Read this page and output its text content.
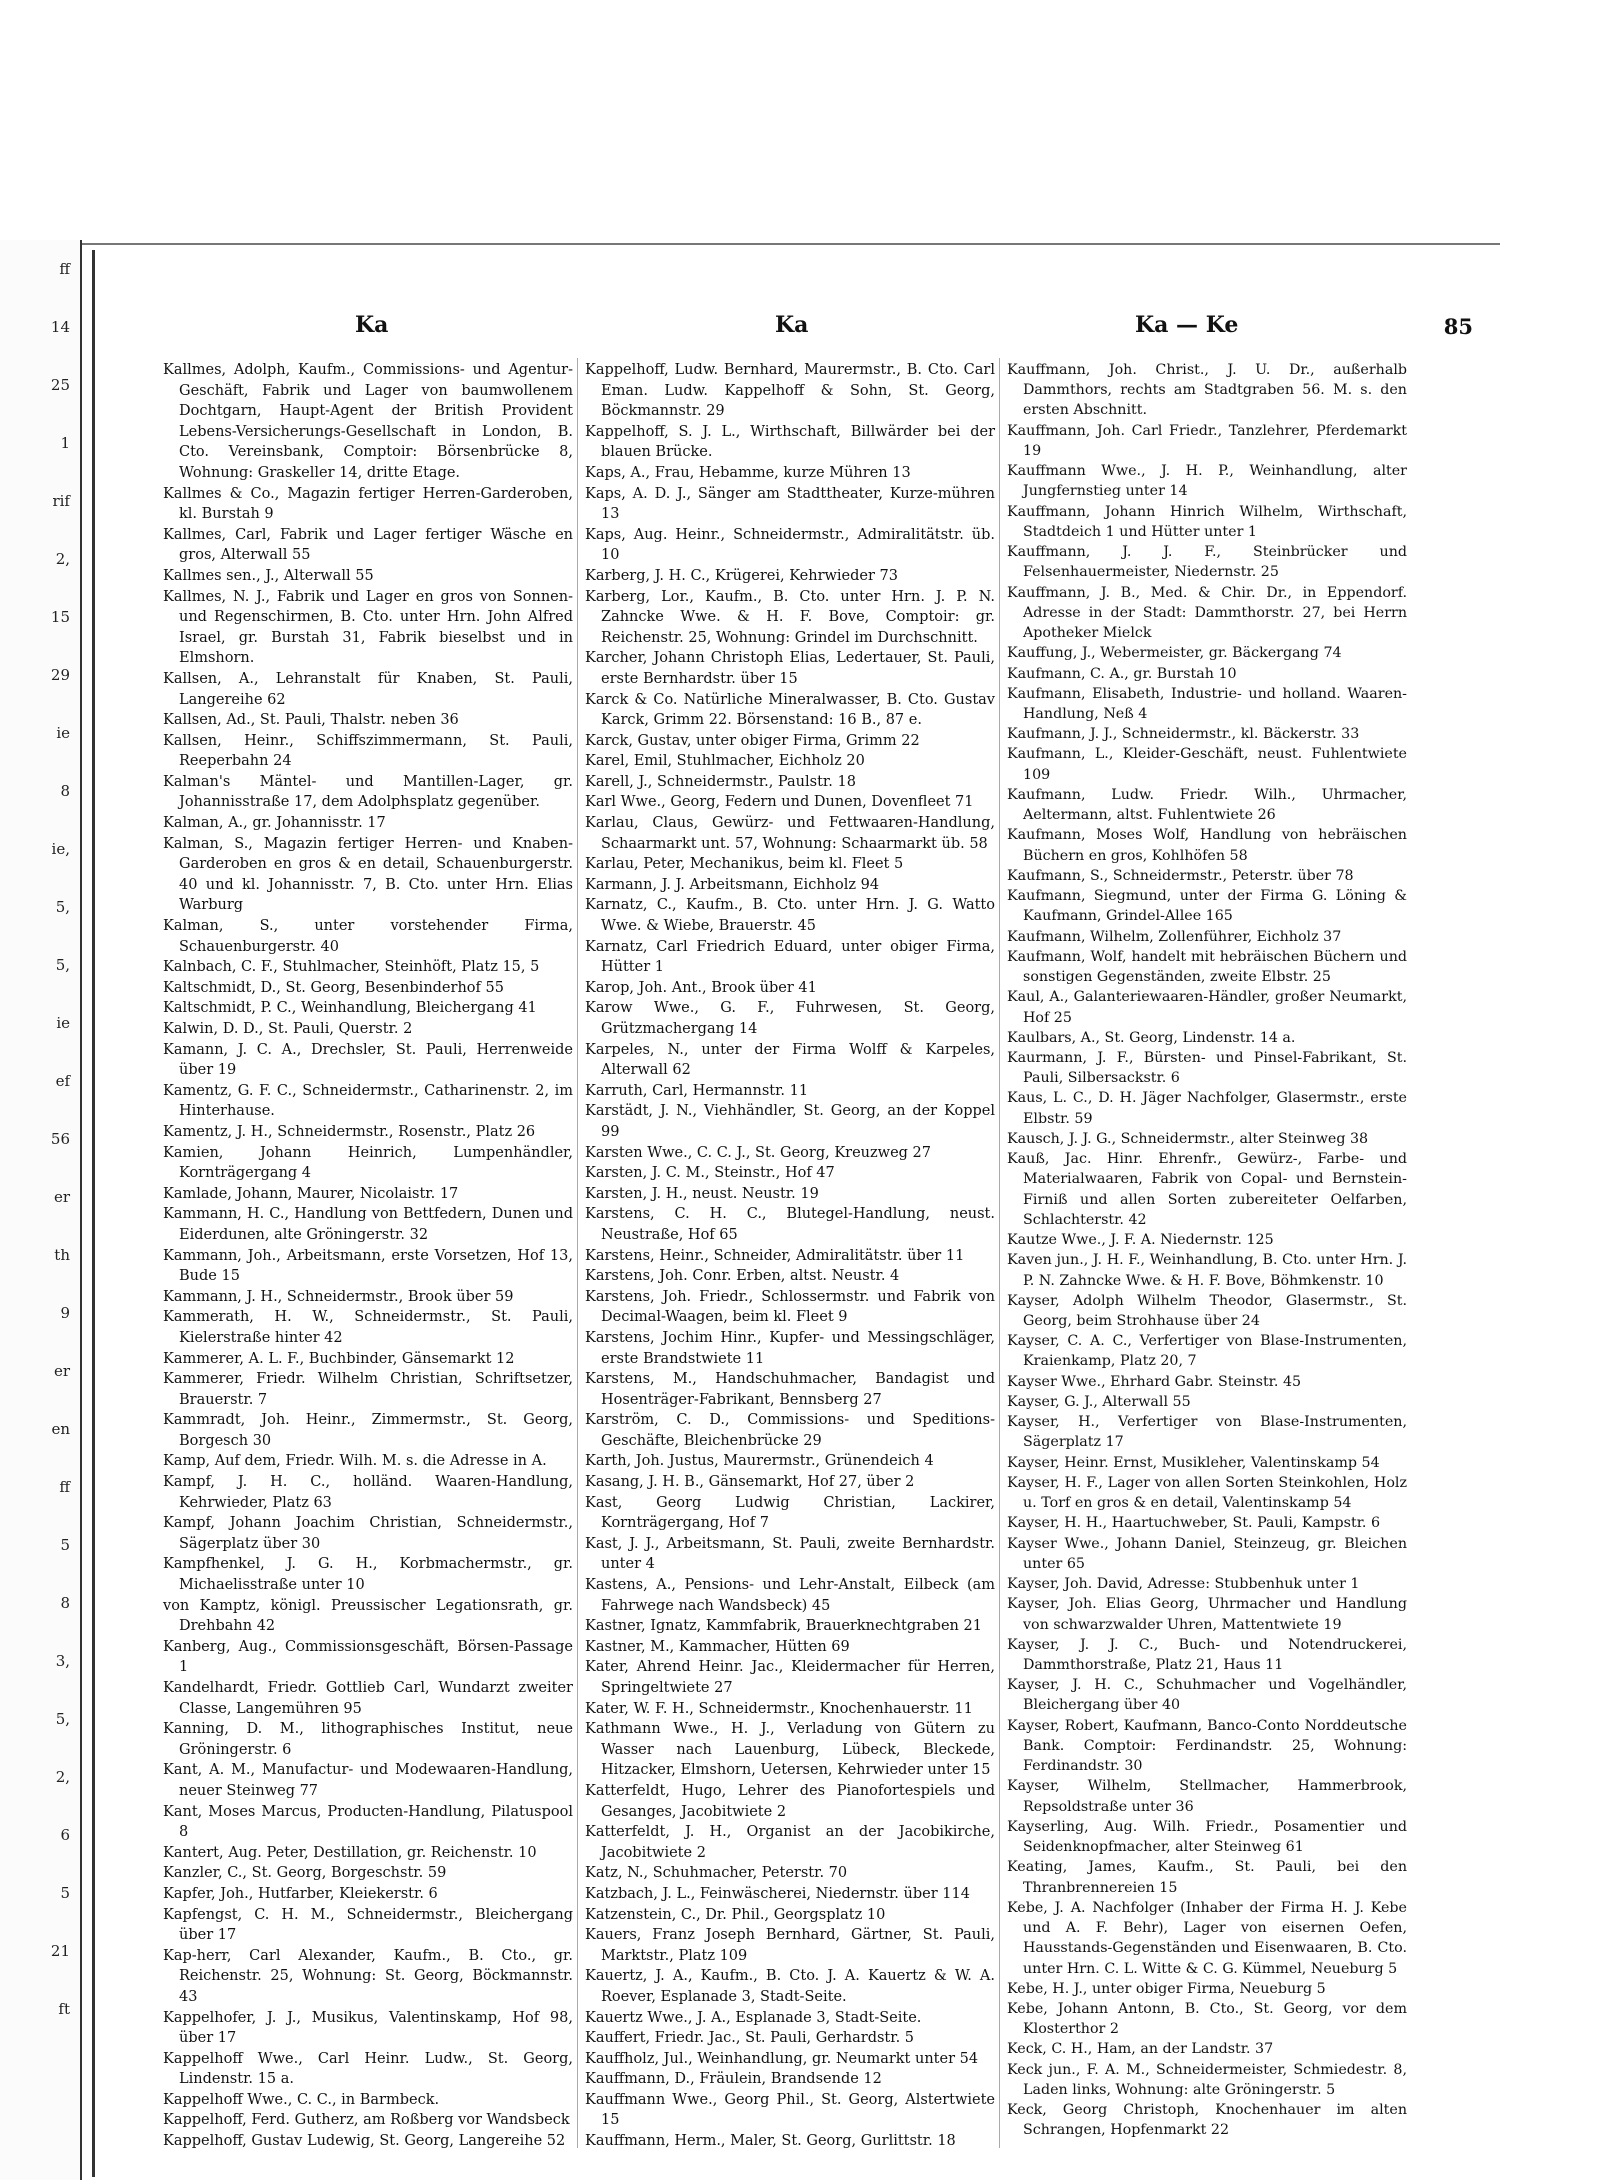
ff
14
25
1
rif
2,
15
29
ie
8
ie,
5,
5,
ie
ef
56
er
th
9
er
en
ff
5
8
3,
5,
2,
6
5
21
ft
Ka	Ka	Ka — Ke	85

Kallmes, Adolph, Kaufm., Commissions- und Agentur-Geschäft, Fabrik und Lager von baumwollenem Dochtgarn, Haupt-Agent der British Provident Lebens-Versicherungs-Gesellschaft in London, B. Cto. Vereinsbank, Comptoir: Börsenbrücke 8, Wohnung: Graskeller 14, dritte Etage.

Kallmes & Co., Magazin fertiger Herren-Garderoben, kl. Burstah 9

Kallmes, Carl, Fabrik und Lager fertiger Wäsche en gros, Alterwall 55

Kallmes sen., J., Alterwall 55

Kallmes, N. J., Fabrik und Lager en gros von Sonnen- und Regenschirmen, B. Cto. unter Hrn. John Alfred Israel, gr. Burstah 31, Fabrik bieselbst und in Elmshorn.

Kallsen, A., Lehranstalt für Knaben, St. Pauli, Langereihe 62

Kallsen, Ad., St. Pauli, Thalstr. neben 36

Kallsen, Heinr., Schiffszimmermann, St. Pauli, Reeperbahn 24

Kalman's Mäntel- und Mantillen-Lager, gr. Johannisstraße 17, dem Adolphsplatz gegenüber.

Kalman, A., gr. Johannisstr. 17

Kalman, S., Magazin fertiger Herren- und Knaben-Garderoben en gros & en detail, Schauenburgerstr. 40 und kl. Johannisstr. 7, B. Cto. unter Hrn. Elias Warburg

Kalman, S., unter vorstehender Firma, Schauenburgerstr. 40

Kalnbach, C. F., Stuhlmacher, Steinhöft, Platz 15, 5

Kaltschmidt, D., St. Georg, Besenbinderhof 55

Kaltschmidt, P. C., Weinhandlung, Bleichergang 41

Kalwin, D. D., St. Pauli, Querstr. 2

Kamann, J. C. A., Drechsler, St. Pauli, Herrenweide über 19

Kamentz, G. F. C., Schneidermstr., Catharinenstr. 2, im Hinterhause.

Kamentz, J. H., Schneidermstr., Rosenstr., Platz 26

Kamien, Johann Heinrich, Lumpenhändler, Kornträgergang 4

Kamlade, Johann, Maurer, Nicolaistr. 17

Kammann, H. C., Handlung von Bettfedern, Dunen und Eiderdunen, alte Gröningerstr. 32

Kammann, Joh., Arbeitsmann, erste Vorsetzen, Hof 13, Bude 15

Kammann, J. H., Schneidermstr., Brook über 59

Kammerath, H. W., Schneidermstr., St. Pauli, Kielerstraße hinter 42

Kammerer, A. L. F., Buchbinder, Gänsemarkt 12

Kammerer, Friedr. Wilhelm Christian, Schriftsetzer, Brauerstr. 7

Kammradt, Joh. Heinr., Zimmermstr., St. Georg, Borgesch 30

Kamp, Auf dem, Friedr. Wilh. M. s. die Adresse in A.

Kampf, J. H. C., holländ. Waaren-Handlung, Kehrwieder, Platz 63

Kampf, Johann Joachim Christian, Schneidermstr., Sägerplatz über 30

Kampfhenkel, J. G. H., Korbmachermstr., gr. Michaelisstraße unter 10

von Kamptz, königl. Preussischer Legationsrath, gr. Drehbahn 42

Kanberg, Aug., Commissionsgeschäft, Börsen-Passage 1

Kandelhardt, Friedr. Gottlieb Carl, Wundarzt zweiter Classe, Langemühren 95

Kanning, D. M., lithographisches Institut, neue Gröningerstr. 6

Kant, A. M., Manufactur- und Modewaaren-Handlung, neuer Steinweg 77

Kant, Moses Marcus, Producten-Handlung, Pilatuspool 8

Kantert, Aug. Peter, Destillation, gr. Reichenstr. 10

Kanzler, C., St. Georg, Borgeschstr. 59

Kapfer, Joh., Hutfarber, Kleiekerstr. 6

Kapfengst, C. H. M., Schneidermstr., Bleichergang über 17

Kap-herr, Carl Alexander, Kaufm., B. Cto., gr. Reichenstr. 25, Wohnung: St. Georg, Böckmannstr. 43

Kappelhofer, J. J., Musikus, Valentinskamp, Hof 98, über 17

Kappelhoff Wwe., Carl Heinr. Ludw., St. Georg, Lindenstr. 15 a.

Kappelhoff Wwe., C. C., in Barmbeck.

Kappelhoff, Ferd. Gutherz, am Roßberg vor Wandsbeck

Kappelhoff, Gustav Ludewig, St. Georg, Langereihe 52

Kappelhoff, Ludw. Bernhard, Maurermstr., B. Cto. Carl Eman. Ludw. Kappelhoff & Sohn, St. Georg, Böckmannstr. 29

Kappelhoff, S. J. L., Wirthschaft, Billwärder bei der blauen Brücke.

Kaps, A., Frau, Hebamme, kurze Mühren 13

Kaps, A. D. J., Sänger am Stadttheater, Kurze-mühren 13

Kaps, Aug. Heinr., Schneidermstr., Admiralitätstr. üb. 10

Karberg, J. H. C., Krügerei, Kehrwieder 73

Karberg, Lor., Kaufm., B. Cto. unter Hrn. J. P. N. Zahncke Wwe. & H. F. Bove, Comptoir: gr. Reichenstr. 25, Wohnung: Grindel im Durchschnitt.

Karcher, Johann Christoph Elias, Ledertauer, St. Pauli, erste Bernhardstr. über 15

Karck & Co. Natürliche Mineralwasser, B. Cto. Gustav Karck, Grimm 22. Börsenstand: 16 B., 87 e.

Karck, Gustav, unter obiger Firma, Grimm 22

Karel, Emil, Stuhlmacher, Eichholz 20

Karell, J., Schneidermstr., Paulstr. 18

Karl Wwe., Georg, Federn und Dunen, Dovenfleet 71

Karlau, Claus, Gewürz- und Fettwaaren-Handlung, Schaarmarkt unt. 57, Wohnung: Schaarmarkt üb. 58

Karlau, Peter, Mechanikus, beim kl. Fleet 5

Karmann, J. J. Arbeitsmann, Eichholz 94

Karnatz, C., Kaufm., B. Cto. unter Hrn. J. G. Watto Wwe. & Wiebe, Brauerstr. 45

Karnatz, Carl Friedrich Eduard, unter obiger Firma, Hütter 1

Karop, Joh. Ant., Brook über 41

Karow Wwe., G. F., Fuhrwesen, St. Georg, Grützmachergang 14

Karpeles, N., unter der Firma Wolff & Karpeles, Alterwall 62

Karruth, Carl, Hermannstr. 11

Karstädt, J. N., Viehhändler, St. Georg, an der Koppel 99

Karsten Wwe., C. C. J., St. Georg, Kreuzweg 27

Karsten, J. C. M., Steinstr., Hof 47

Karsten, J. H., neust. Neustr. 19

Karstens, C. H. C., Blutegel-Handlung, neust. Neustraße, Hof 65

Karstens, Heinr., Schneider, Admiralitätstr. über 11

Karstens, Joh. Conr. Erben, altst. Neustr. 4

Karstens, Joh. Friedr., Schlossermstr. und Fabrik von Decimal-Waagen, beim kl. Fleet 9

Karstens, Jochim Hinr., Kupfer- und Messingschläger, erste Brandstwiete 11

Karstens, M., Handschuhmacher, Bandagist und Hosenträger-Fabrikant, Bennsberg 27

Karström, C. D., Commissions- und Speditions-Geschäfte, Bleichenbrücke 29

Karth, Joh. Justus, Maurermstr., Grünendeich 4

Kasang, J. H. B., Gänsemarkt, Hof 27, über 2

Kast, Georg Ludwig Christian, Lackirer, Kornträgergang, Hof 7

Kast, J. J., Arbeitsmann, St. Pauli, zweite Bernhardstr. unter 4

Kastens, A., Pensions- und Lehr-Anstalt, Eilbeck (am Fahrwege nach Wandsbeck) 45

Kastner, Ignatz, Kammfabrik, Brauerknechtgraben 21

Kastner, M., Kammacher, Hütten 69

Kater, Ahrend Heinr. Jac., Kleidermacher für Herren, Springeltwiete 27

Kater, W. F. H., Schneidermstr., Knochenhauerstr. 11

Kathmann Wwe., H. J., Verladung von Gütern zu Wasser nach Lauenburg, Lübeck, Bleckede, Hitzacker, Elmshorn, Uetersen, Kehrwieder unter 15

Katterfeldt, Hugo, Lehrer des Pianofortespiels und Gesanges, Jacobitwiete 2

Katterfeldt, J. H., Organist an der Jacobikirche, Jacobitwiete 2

Katz, N., Schuhmacher, Peterstr. 70

Katzbach, J. L., Feinwäscherei, Niedernstr. über 114

Katzenstein, C., Dr. Phil., Georgsplatz 10

Kauers, Franz Joseph Bernhard, Gärtner, St. Pauli, Marktstr., Platz 109

Kauertz, J. A., Kaufm., B. Cto. J. A. Kauertz & W. A. Roever, Esplanade 3, Stadt-Seite.

Kauertz Wwe., J. A., Esplanade 3, Stadt-Seite.

Kauffert, Friedr. Jac., St. Pauli, Gerhardstr. 5

Kauffholz, Jul., Weinhandlung, gr. Neumarkt unter 54

Kauffmann, D., Fräulein, Brandsende 12

Kauffmann Wwe., Georg Phil., St. Georg, Alstertwiete 15

Kauffmann, Herm., Maler, St. Georg, Gurlittstr. 18

Kauffmann, Joh. Christ., J. U. Dr., außerhalb Dammthors, rechts am Stadtgraben 56. M. s. den ersten Abschnitt.

Kauffmann, Joh. Carl Friedr., Tanzlehrer, Pferdemarkt 19

Kauffmann Wwe., J. H. P., Weinhandlung, alter Jungfernstieg unter 14

Kauffmann, Johann Hinrich Wilhelm, Wirthschaft, Stadtdeich 1 und Hütter unter 1

Kauffmann, J. J. F., Steinbrücker und Felsenhauermeister, Niedernstr. 25

Kauffmann, J. B., Med. & Chir. Dr., in Eppendorf. Adresse in der Stadt: Dammthorstr. 27, bei Herrn Apotheker Mielck

Kauffung, J., Webermeister, gr. Bäckergang 74

Kaufmann, C. A., gr. Burstah 10

Kaufmann, Elisabeth, Industrie- und holland. Waaren-Handlung, Neß 4

Kaufmann, J. J., Schneidermstr., kl. Bäckerstr. 33

Kaufmann, L., Kleider-Geschäft, neust. Fuhlentwiete 109

Kaufmann, Ludw. Friedr. Wilh., Uhrmacher, Aeltermann, altst. Fuhlentwiete 26

Kaufmann, Moses Wolf, Handlung von hebräischen Büchern en gros, Kohlhöfen 58

Kaufmann, S., Schneidermstr., Peterstr. über 78

Kaufmann, Siegmund, unter der Firma G. Löning & Kaufmann, Grindel-Allee 165

Kaufmann, Wilhelm, Zollenführer, Eichholz 37

Kaufmann, Wolf, handelt mit hebräischen Büchern und sonstigen Gegenständen, zweite Elbstr. 25

Kaul, A., Galanteriewaaren-Händler, großer Neumarkt, Hof 25

Kaulbars, A., St. Georg, Lindenstr. 14 a.

Kaurmann, J. F., Bürsten- und Pinsel-Fabrikant, St. Pauli, Silbersackstr. 6

Kaus, L. C., D. H. Jäger Nachfolger, Glasermstr., erste Elbstr. 59

Kausch, J. J. G., Schneidermstr., alter Steinweg 38

Kauß, Jac. Hinr. Ehrenfr., Gewürz-, Farbe- und Materialwaaren, Fabrik von Copal- und Bernstein-Firniß und allen Sorten zubereiteter Oelfarben, Schlachterstr. 42

Kautze Wwe., J. F. A. Niedernstr. 125

Kaven jun., J. H. F., Weinhandlung, B. Cto. unter Hrn. J. P. N. Zahncke Wwe. & H. F. Bove, Böhmkenstr. 10

Kayser, Adolph Wilhelm Theodor, Glasermstr., St. Georg, beim Strohhause über 24

Kayser, C. A. C., Verfertiger von Blase-Instrumenten, Kraienkamp, Platz 20, 7

Kayser Wwe., Ehrhard Gabr. Steinstr. 45

Kayser, G. J., Alterwall 55

Kayser, H., Verfertiger von Blase-Instrumenten, Sägerplatz 17

Kayser, Heinr. Ernst, Musikleher, Valentinskamp 54

Kayser, H. F., Lager von allen Sorten Steinkohlen, Holz u. Torf en gros & en detail, Valentinskamp 54

Kayser, H. H., Haartuchweber, St. Pauli, Kampstr. 6

Kayser Wwe., Johann Daniel, Steinzeug, gr. Bleichen unter 65

Kayser, Joh. David, Adresse: Stubbenhuk unter 1

Kayser, Joh. Elias Georg, Uhrmacher und Handlung von schwarzwalder Uhren, Mattentwiete 19

Kayser, J. J. C., Buch- und Notendruckerei, Dammthorstraße, Platz 21, Haus 11

Kayser, J. H. C., Schuhmacher und Vogelhändler, Bleichergang über 40

Kayser, Robert, Kaufmann, Banco-Conto Norddeutsche Bank. Comptoir: Ferdinandstr. 25, Wohnung: Ferdinandstr. 30

Kayser, Wilhelm, Stellmacher, Hammerbrook, Repsoldstraße unter 36

Kayserling, Aug. Wilh. Friedr., Posamentier und Seidenknopfmacher, alter Steinweg 61

Keating, James, Kaufm., St. Pauli, bei den Thranbrennereien 15

Kebe, J. A. Nachfolger (Inhaber der Firma H. J. Kebe und A. F. Behr), Lager von eisernen Oefen, Hausstands-Gegenständen und Eisenwaaren, B. Cto. unter Hrn. C. L. Witte & C. G. Kümmel, Neueburg 5

Kebe, H. J., unter obiger Firma, Neueburg 5

Kebe, Johann Antonn, B. Cto., St. Georg, vor dem Klosterthor 2

Keck, C. H., Ham, an der Landstr. 37

Keck jun., F. A. M., Schneidermeister, Schmiedestr. 8, Laden links, Wohnung: alte Gröningerstr. 5

Keck, Georg Christoph, Knochenhauer im alten Schrangen, Hopfenmarkt 22
